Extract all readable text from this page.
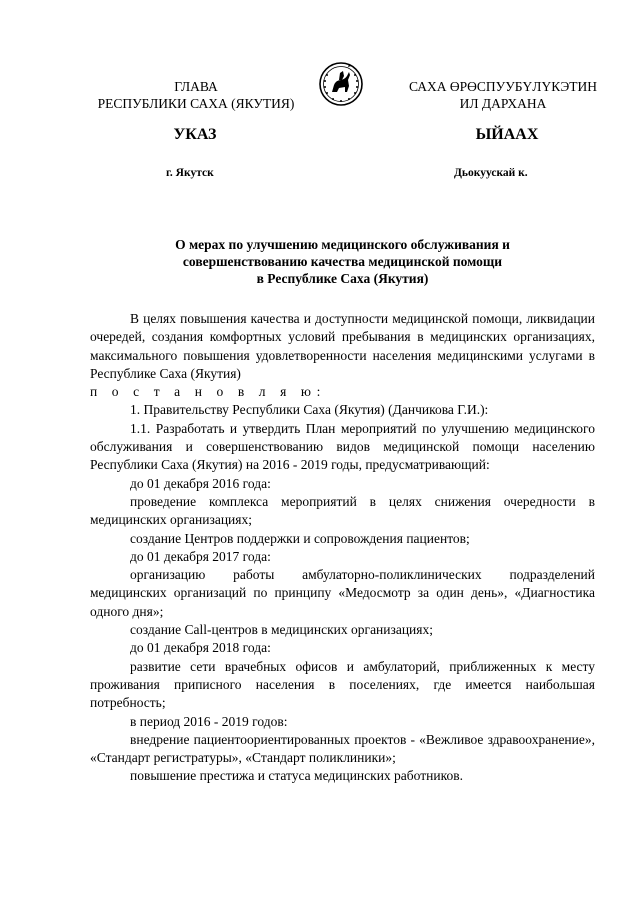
ГЛАВА
РЕСПУБЛИКИ САХА (ЯКУТИЯ)
САХА ӨРӨСПУУБҮЛҮКЭТИН
ИЛ ДАРХАНА
УКАЗ	ЫЙААХ
г. Якутск	Дьокуускай к.
О мерах по улучшению медицинского обслуживания и
совершенствованию качества медицинской помощи
в Республике Саха (Якутия)

В целях повышения качества и доступности медицинской помощи, ликвидации очередей, создания комфортных условий пребывания в медицинских организациях, максимального повышения удовлетворенности населения медицинскими услугами в Республике Саха (Якутия)

п о с т а н о в л я ю:

1. Правительству Республики Саха (Якутия) (Данчикова Г.И.):

1.1. Разработать и утвердить План мероприятий по улучшению медицинского обслуживания и совершенствованию видов медицинской помощи населению Республики Саха (Якутия) на 2016 - 2019 годы, предусматривающий:

до 01 декабря 2016 года:

проведение комплекса мероприятий в целях снижения очередности в медицинских организациях;

создание Центров поддержки и сопровождения пациентов;

до 01 декабря 2017 года:

организацию работы амбулаторно-поликлинических подразделений медицинских организаций по принципу «Медосмотр за один день», «Диагностика одного дня»;

создание Call-центров в медицинских организациях;

до 01 декабря 2018 года:

развитие сети врачебных офисов и амбулаторий, приближенных к месту проживания приписного населения в поселениях, где имеется наибольшая потребность;

в период 2016 - 2019 годов:

внедрение пациентоориентированных проектов - «Вежливое здравоохранение», «Стандарт регистратуры», «Стандарт поликлиники»;

повышение престижа и статуса медицинских работников.
